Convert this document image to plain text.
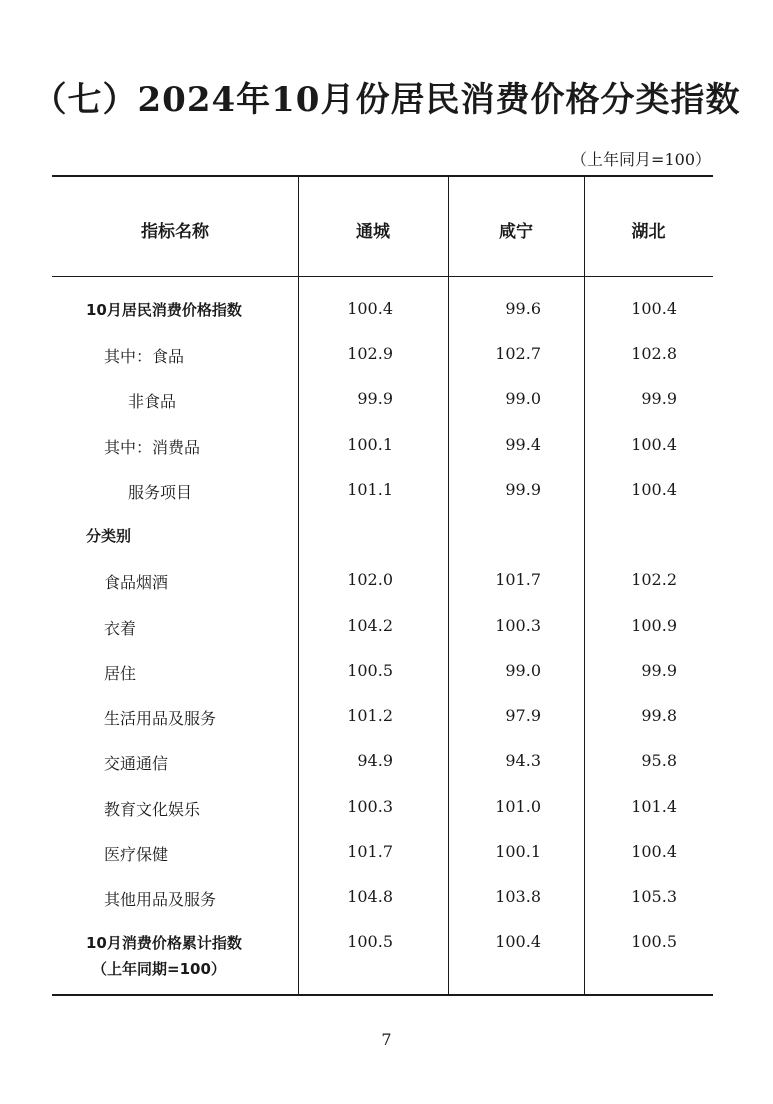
（七）2024年10月份居民消费价格分类指数
（上年同月=100）
指标名称	通城	咸宁	湖北
10月居民消费价格指数	100.4	99.6	100.4
其中：食品	102.9	102.7	102.8
非食品	99.9	99.0	99.9
其中：消费品	100.1	99.4	100.4
服务项目	101.1	99.9	100.4
分类别
食品烟酒	102.0	101.7	102.2
衣着	104.2	100.3	100.9
居住	100.5	99.0	99.9
生活用品及服务	101.2	97.9	99.8
交通通信	94.9	94.3	95.8
教育文化娱乐	100.3	101.0	101.4
医疗保健	101.7	100.1	100.4
其他用品及服务	104.8	103.8	105.3
10月消费价格累计指数
（上年同期=100）
100.5	100.4	100.5
7
